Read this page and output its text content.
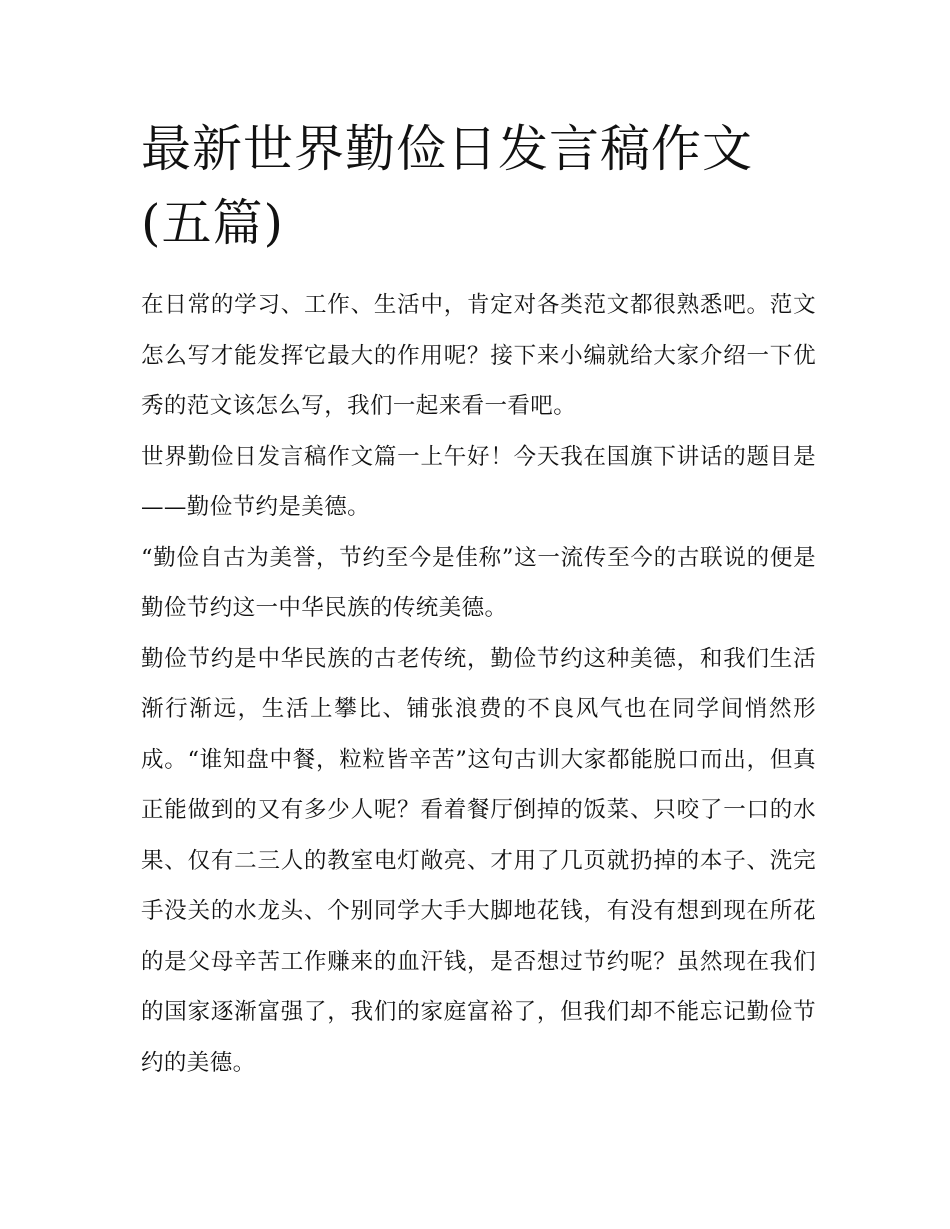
最新世界勤俭日发言稿作文(五篇)

在日常的学习、工作、生活中，肯定对各类范文都很熟悉吧。范文怎么写才能发挥它最大的作用呢？接下来小编就给大家介绍一下优秀的范文该怎么写，我们一起来看一看吧。

世界勤俭日发言稿作文篇一上午好！今天我在国旗下讲话的题目是——勤俭节约是美德。

“勤俭自古为美誉，节约至今是佳称”这一流传至今的古联说的便是勤俭节约这一中华民族的传统美德。

勤俭节约是中华民族的古老传统，勤俭节约这种美德，和我们生活渐行渐远，生活上攀比、铺张浪费的不良风气也在同学间悄然形成。“谁知盘中餐，粒粒皆辛苦”这句古训大家都能脱口而出，但真正能做到的又有多少人呢？看着餐厅倒掉的饭菜、只咬了一口的水果、仅有二三人的教室电灯敞亮、才用了几页就扔掉的本子、洗完手没关的水龙头、个别同学大手大脚地花钱，有没有想到现在所花的是父母辛苦工作赚来的血汗钱，是否想过节约呢？虽然现在我们的国家逐渐富强了，我们的家庭富裕了，但我们却不能忘记勤俭节约的美德。
